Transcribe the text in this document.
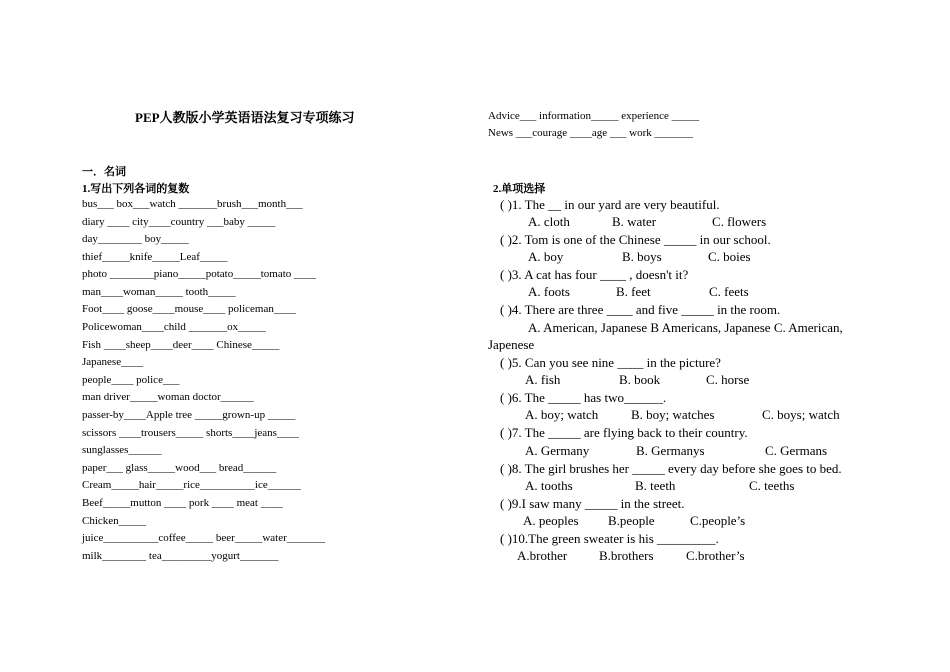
PEP人教版小学英语语法复习专项练习
一．名词
1.写出下列各词的复数
bus___ box___watch _______brush___month___
diary ____ city____country ___baby _____
day________ boy_____
thief_____knife_____Leaf_____
photo ________piano_____potato_____tomato ____
man____woman_____ tooth_____
Foot____ goose____mouse____ policeman____
Policewoman____child _______ox_____
Fish ____sheep____deer____ Chinese_____
Japanese____
people____ police___
man driver_____woman doctor______
passer-by____Apple tree _____grown-up _____
scissors ____trousers_____ shorts____jeans____
sunglasses______
paper___ glass_____wood___ bread______
Cream_____hair_____rice__________ice______
Beef_____mutton ____ pork ____ meat ____
Chicken_____
juice__________coffee_____ beer_____water_______
milk________ tea_________yogurt_______
Advice___ information_____ experience _____
News ___courage ____age ___ work _______
2.单项选择
( )1. The __ in our yard are very beautiful.
A. cloth	B. water	C. flowers
( )2. Tom is one of the Chinese _____ in our school.
A. boy	B. boys	C. boies
( )3. A cat has four ____ , doesn't it?
A. foots	B. feet	C. feets
( )4. There are three ____ and five _____ in the room.
A. American, Japanese B Americans, Japanese C. American,
Japenese
( )5. Can you see nine ____ in the picture?
A. fish	B. book	C. horse
( )6. The _____ has two______.
A. boy; watch	B. boy; watches	C. boys; watch
( )7. The _____ are flying back to their country.
A. Germany	B. Germanys	C. Germans
( )8. The girl brushes her _____ every day before she goes to bed.
A. tooths	B. teeth	C. teeths
( )9.I saw many _____ in the street.
A. peoples B.people	C.people’s
( )10.The green sweater is his _________.
A.brother B.brothers C.brother’s
